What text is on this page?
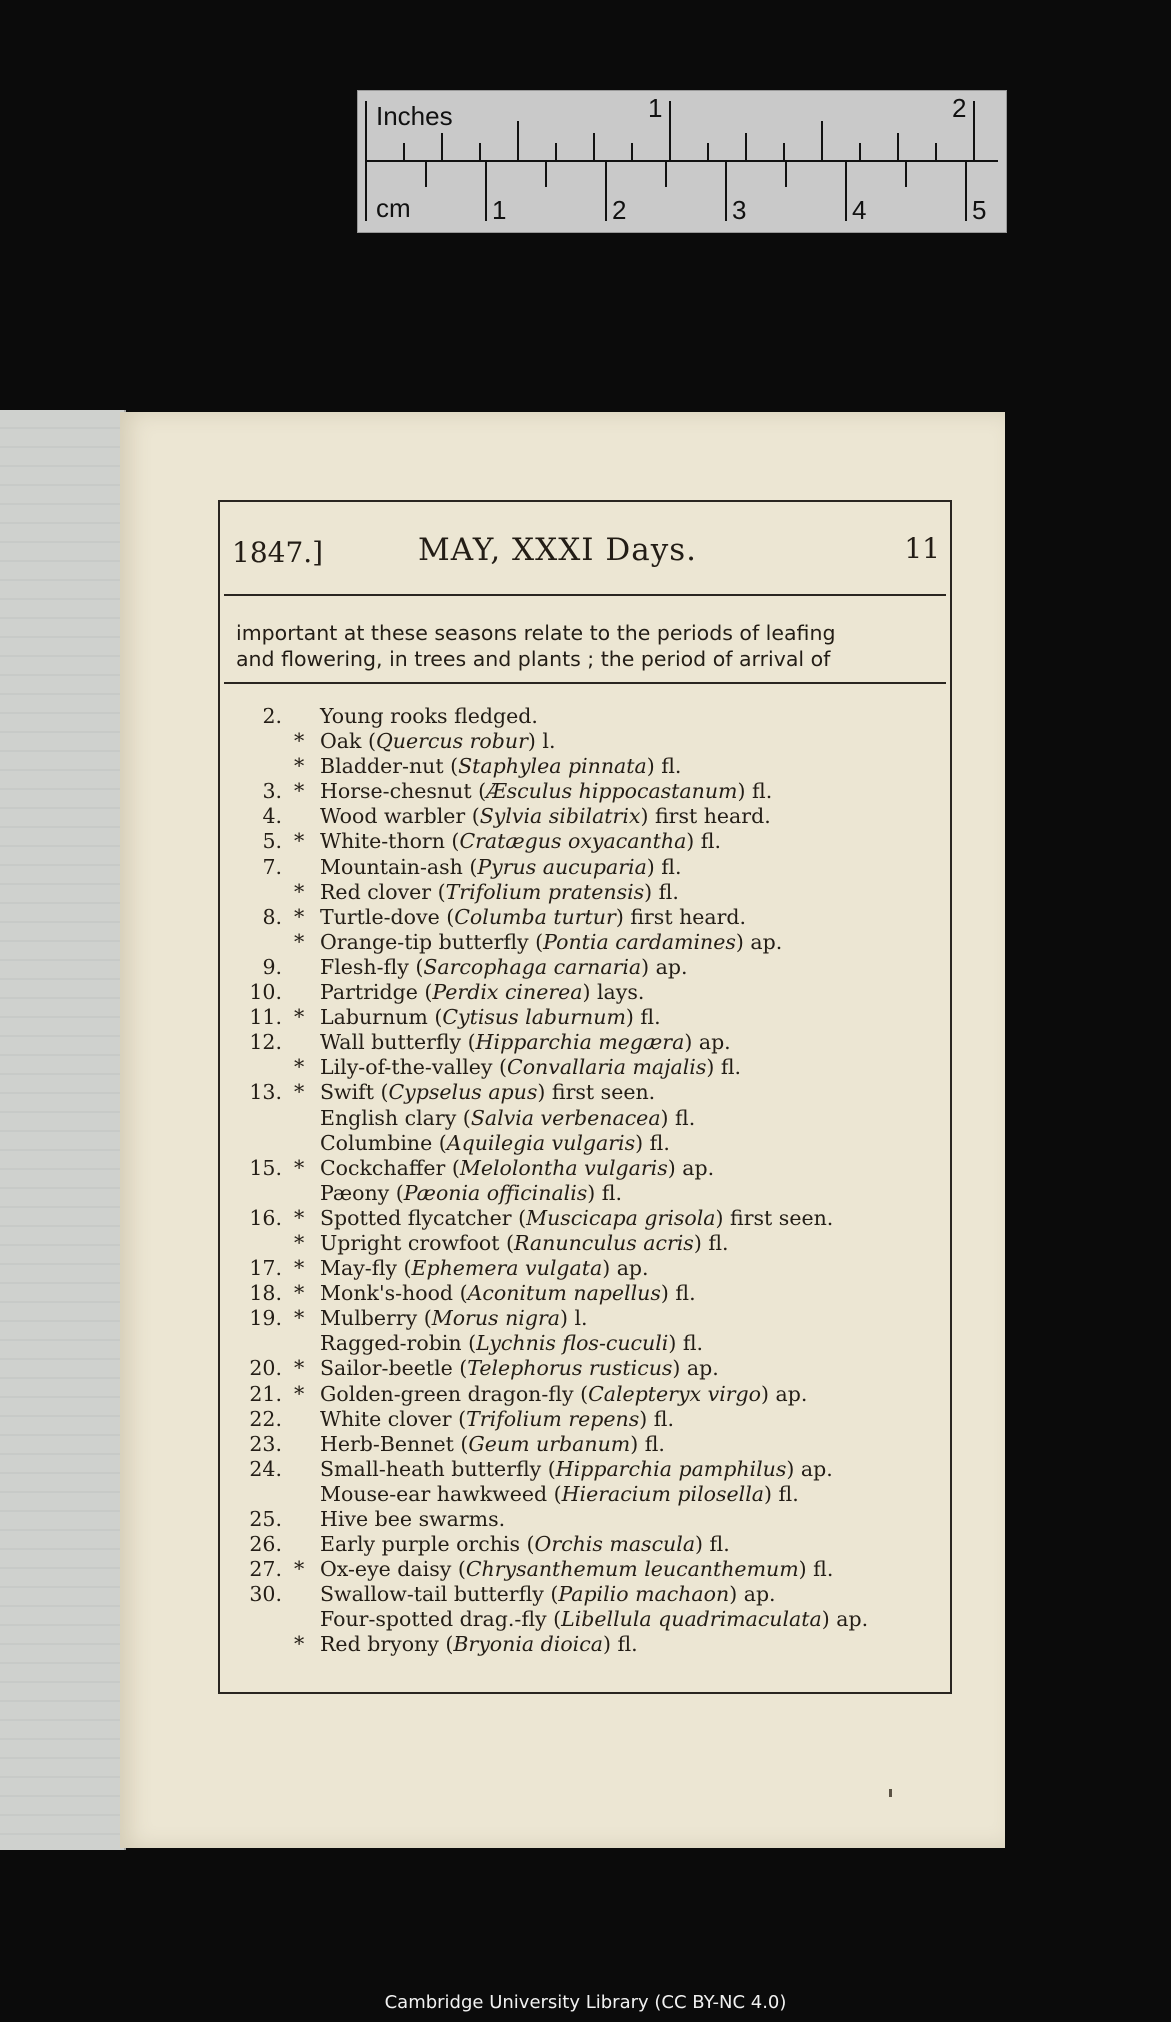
Inches	1	2
cm	1	2	3	4	5
1847.]	MAY, XXXI Days.	11
important at these seasons relate to the periods of leafing
and flowering, in trees and plants ; the period of arrival of
2. Young rooks fledged.
* Oak (Quercus robur) l.
* Bladder-nut (Staphylea pinnata) fl.
3. * Horse-chesnut (Æsculus hippocastanum) fl.
4. Wood warbler (Sylvia sibilatrix) first heard.
5. * White-thorn (Cratægus oxyacantha) fl.
7. Mountain-ash (Pyrus aucuparia) fl.
* Red clover (Trifolium pratensis) fl.
8. * Turtle-dove (Columba turtur) first heard.
* Orange-tip butterfly (Pontia cardamines) ap.
9. Flesh-fly (Sarcophaga carnaria) ap.
10. Partridge (Perdix cinerea) lays.
11. * Laburnum (Cytisus laburnum) fl.
12. Wall butterfly (Hipparchia megæra) ap.
* Lily-of-the-valley (Convallaria majalis) fl.
13. * Swift (Cypselus apus) first seen.
English clary (Salvia verbenacea) fl.
Columbine (Aquilegia vulgaris) fl.
15. * Cockchaffer (Melolontha vulgaris) ap.
Pæony (Pæonia officinalis) fl.
16. * Spotted flycatcher (Muscicapa grisola) first seen.
* Upright crowfoot (Ranunculus acris) fl.
17. * May-fly (Ephemera vulgata) ap.
18. * Monk's-hood (Aconitum napellus) fl.
19. * Mulberry (Morus nigra) l.
Ragged-robin (Lychnis flos-cuculi) fl.
20. * Sailor-beetle (Telephorus rusticus) ap.
21. * Golden-green dragon-fly (Calepteryx virgo) ap.
22. White clover (Trifolium repens) fl.
23. Herb-Bennet (Geum urbanum) fl.
24. Small-heath butterfly (Hipparchia pamphilus) ap.
Mouse-ear hawkweed (Hieracium pilosella) fl.
25. Hive bee swarms.
26. Early purple orchis (Orchis mascula) fl.
27. * Ox-eye daisy (Chrysanthemum leucanthemum) fl.
30. Swallow-tail butterfly (Papilio machaon) ap.
Four-spotted drag.-fly (Libellula quadrimaculata) ap.
* Red bryony (Bryonia dioica) fl.
Cambridge University Library (CC BY-NC 4.0)
